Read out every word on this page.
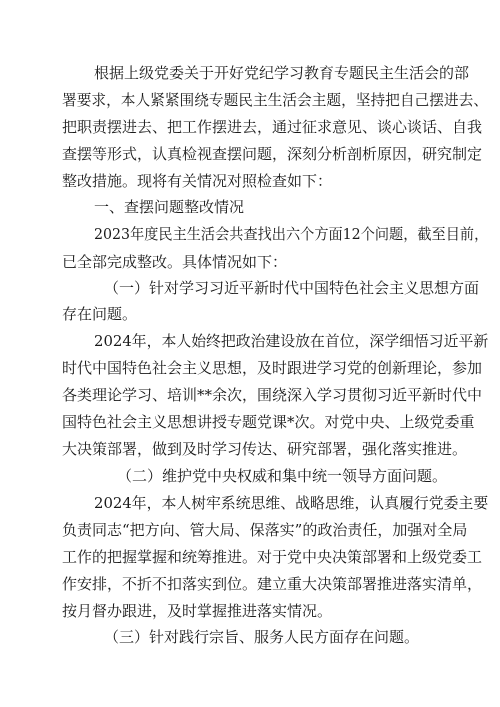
根据上级党委关于开好党纪学习教育专题民主生活会的部
署要求，本人紧紧围绕专题民主生活会主题，坚持把自己摆进去、
把职责摆进去、把工作摆进去，通过征求意见、谈心谈话、自我
查摆等形式，认真检视查摆问题，深刻分析剖析原因，研究制定
整改措施。现将有关情况对照检查如下：
一、查摆问题整改情况
2023年度民主生活会共查找出六个方面12个问题，截至目前，
已全部完成整改。具体情况如下：
（一）针对学习习近平新时代中国特色社会主义思想方面
存在问题。
2024年，本人始终把政治建设放在首位，深学细悟习近平新
时代中国特色社会主义思想，及时跟进学习党的创新理论，参加
各类理论学习、培训**余次，围绕深入学习贯彻习近平新时代中
国特色社会主义思想讲授专题党课*次。对党中央、上级党委重
大决策部署，做到及时学习传达、研究部署，强化落实推进。
（二）维护党中央权威和集中统一领导方面问题。
2024年，本人树牢系统思维、战略思维，认真履行党委主要
负责同志“把方向、管大局、保落实”的政治责任，加强对全局
工作的把握掌握和统筹推进。对于党中央决策部署和上级党委工
作安排，不折不扣落实到位。建立重大决策部署推进落实清单，
按月督办跟进，及时掌握推进落实情况。
（三）针对践行宗旨、服务人民方面存在问题。
